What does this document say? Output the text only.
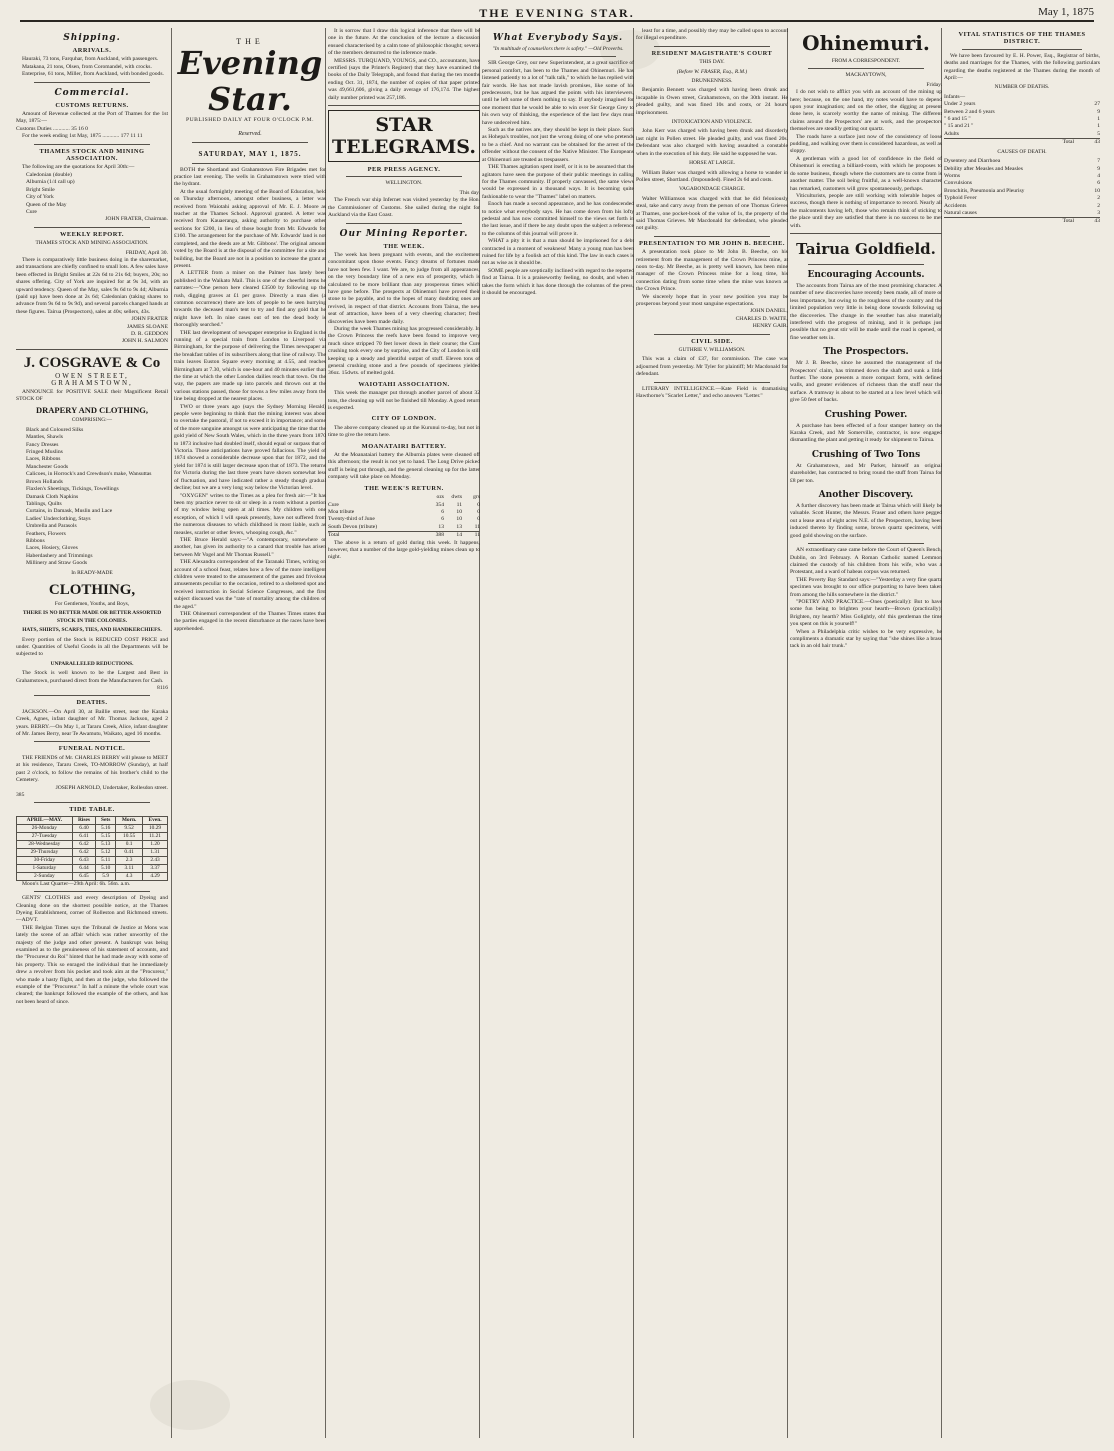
THE EVENING STAR.	May 1, 1875
Shipping.
ARRIVALS.

Hauraki, 73 tons, Farquhar, from Auckland, with passengers.

Matakana, 21 tons, Olsen, from Coromandel, with crocks.

Enterprise, 61 tons, Miller, from Auckland, with bonded goods.

Commercial.
CUSTOMS RETURNS.

Amount of Revenue collected at the Port of Thames for the 1st May, 1875:—

Customs Duties ............ 35 16 0

For the week ending 1st May, 1875 ............ 177 11 11

THAMES STOCK AND MINING ASSOCIATION.

The following are the quotations for April 30th:—

Caledonian (double)
Alburnia (1/4 call up)
Bright Smile
City of York
Queen of the May
Cure

JOHN FRATER, Chairman.

WEEKLY REPORT.
THAMES STOCK AND MINING ASSOCIATION.

FRIDAY, April 30.

There is comparatively little business doing in the sharemarket, and transactions are chiefly confined to small lots. A few sales have been effected in Bright Smiles at 22s 6d to 21s 6d; buyers, 20s; no shares offering. City of York are inquired for at 9s 3d, with an upward tendency. Queen of the May, sales 9s 6d to 9s 4d; Alburnia (paid up) have been done at 2s 6d; Caledonian (taking shares to advance from 9s 6d to 9s 9d), and several parcels changed hands at these figures. Tairua (Prospectors), sales at 40s; sellers, 43s.

JOHN FRATER
JAMES SLOANE
D. R. GEDDON
JOHN H. SALMON
J. COSGRAVE & Co
OWEN STREET, GRAHAMSTOWN,

ANNOUNCE for POSITIVE SALE their Magnificent Retail STOCK OF

DRAPERY AND CLOTHING,
COMPRISING:—
Black and Coloured Silks
Mantles, Shawls
Fancy Dresses
Fringed Muslins
Laces, Ribbons
Manchester Goods
Calicoes, in Horrock's and Crewdson's make, Wansuttas
Brown Hollands
Flaxlen's Sheetings, Tickings, Towellings
Damask Cloth Napkins
Tablings, Quilts
Curtains, in Damask, Muslin and Lace
Ladies' Underclothing, Stays
Umbrella and Parasols
Feathers, Flowers
Ribbons
Laces, Hosiery, Gloves
Haberdashery and Trimmings
Millinery and Straw Goods
In READY-MADE
CLOTHING,
For Gentlemen, Youths, and Boys,
THERE IS NO BETTER MADE OR BETTER ASSORTED STOCK IN THE COLONIES.
HATS, SHIRTS, SCARFS, TIES, AND HANDKERCHIEFS.

Every portion of the Stock is REDUCED COST PRICE and under. Quantities of Useful Goods in all the Departments will be subjected to

UNPARALLELED REDUCTIONS.

The Stock is well known to be the Largest and Best in Grahamstown, purchased direct from the Manufacturers for Cash.

8116

DEATHS.

JACKSON.—On April 30, at Baillie street, near the Karaka Creek, Agnes, infant daughter of Mr. Thomas Jackson, aged 2 years. BERRY.—On May 1, at Tararu Creek, Alice, infant daughter of Mr. James Berry, near Te Awamutu, Waikato, aged 16 months.

FUNERAL NOTICE.

THE FRIENDS of Mr. CHARLES BERRY will please to MEET at his residence, Tararu Creek, TO-MORROW (Sunday), at half past 2 o'clock, to follow the remains of his brother's child to the Cemetery.

JOSEPH ARNOLD, Undertaker, Rollesdon street.

385

TIDE TABLE.
APRIL—MAY.	Rises	Sets	Morn.	Even.
26-Monday	6.40	5.16	9.52	10.29
27-Tuesday	6.41	5.15	10.55	11.21
28-Wednesday	6.42	5.13	0.1	1.20
29-Thursday	6.42	5.12	0.41	1.31
30-Friday	6.43	5.11	2.3	2.43
1-Saturday	6.44	5.10	3.11	3.37
2-Sunday	6.45	5.9	4.3	4.29

Moon's Last Quarter—29th April: 6h. 56m. a.m.

GENTS' CLOTHES and every description of Dyeing and Cleaning done on the shortest possible notice, at the Thames Dyeing Establishment, corner of Rolleston and Richmond streets.—ADVT.

THE Belgian Times says the Tribunal de Justice at Mons was lately the scene of an affair which was rather unworthy of the majesty of the judge and other present. A bankrupt was being examined as to the genuineness of his statement of accounts, and the "Procureur du Roi" hinted that he had made away with some of his property. This so enraged the individual that he immediately drew a revolver from his pocket and took aim at the "Procureur," who made a hasty flight, and then at the judge, who followed the example of the "Procureur." In half a minute the whole court was cleared; the bankrupt followed the example of the others, and has not been heard of since.

THE
Evening Star.
PUBLISHED DAILY AT FOUR O'CLOCK P.M.
Reserved.
SATURDAY, MAY 1, 1875.

BOTH the Shortland and Grahamstown Fire Brigades met for practice last evening. The wells in Grahamstown were tried with the hydrant.

At the usual fortnightly meeting of the Board of Education, held on Thursday afternoon, amongst other business, a letter was received from Waiotahi asking approval of Mr. E. J. Moore as teacher at the Thames School. Approval granted. A letter was received from Kauaeranga, asking authority to purchase other sections for £200, in lieu of those bought from Mr. Edwards for £160. The arrangement for the purchase of Mr. Edwards' land is not completed, and the deeds are at Mr. Gibbons'. The original amount voted by the Board is at the disposal of the committee for a site and building, but the Board are not in a position to increase the grant at present.

A LETTER from a miner on the Palmer has lately been published in the Waikato Mail. This is one of the cheerful items he narrates:—"One person here cleared £3500 by following up the rush, digging graves at £1 per grave. Directly a man dies (a common occurrence) there are lots of people to be seen hurrying towards the deceased man's tent to try and find any gold that he might have left. In nine cases out of ten the dead body is thoroughly searched."

THE last development of newspaper enterprise in England is the running of a special train from London to Liverpool via Birmingham, for the purpose of delivering the Times newspaper at the breakfast tables of its subscribers along that line of railway. The train leaves Euston Square every morning at 4.55, and reaches Birmingham at 7.30, which is one-hour and 40 minutes earlier than the time at which the other London dailies reach that town. On the way, the papers are made up into parcels and thrown out at the various stations passed, those for towns a few miles away from the line being dropped at the nearest places.

TWO or three years ago (says the Sydney Morning Herald) people were beginning to think that the mining interest was about to overtake the pastoral, if not to exceed it in importance; and some of the more sanguine amongst us were anticipating the time that the gold yield of New South Wales, which in the three years from 1870 to 1873 inclusive had doubled itself, should equal or surpass that of Victoria. Those anticipations have proved fallacious. The yield of 1874 showed a considerable decrease upon that for 1872, and the yield for 1874 is still larger decrease upon that of 1873. The returns for Victoria during the last three years have shown somewhat less of fluctuation, and have indicated rather a steady though gradual decline; but we are a very long way below the Victorian level.

"OXYGEN" writes to the Times as a plea for fresh air:—"It has been my practice never to sit or sleep in a room without a portion of my window being open at all times. My children with one exception, of which I will speak presently, have not suffered from the numerous diseases to which childhood is most liable, such as measles, scarlet or other fevers, whooping cough, &c."

THE Bruce Herald says:—"A contemporary, somewhere or another, has given its authority to a canard that trouble has arisen between Mr Vogel and Mr Thomas Russell."

THE Alexandra correspondent of the Taranaki Times, writing on account of a school feast, relates how a few of the more intelligent children were treated to the amusement of the games and frivolous amusements peculiar to the occasion, retired to a sheltered spot and received instruction in Social Science Congresses, and the first subject discussed was the "rate of mortality among the children of the aged."

THE Ohinemuri correspondent of the Thames Times states that the parties engaged in the recent disturbance at the races have been apprehended.

It is sorrow that I draw this logical inference that there will be one in the future. At the conclusion of the lecture a discussion ensued characterised by a calm tone of philosophic thought; several of the members demurred to the inference made.

MESSRS. TURQUAND, YOUNGS, and CO., accountants, have certified (says the Printer's Register) that they have examined the books of the Daily Telegraph, and found that during the ten months ending Oct. 31, 1874, the number of copies of that paper printed was 49,661,606, giving a daily average of 176,174. The highest daily number printed was 257,186.

STAR TELEGRAMS.
PER PRESS AGENCY.
WELLINGTON.

This day.

The French war ship Infernet was visited yesterday by the Hon. the Commissioner of Customs. She sailed during the night for Auckland via the East Coast.

Our Mining Reporter.
THE WEEK.

The week has been pregnant with events, and the excitement concomitant upon those events. Fancy dreams of fortunes made have not been few. I want. We are, to judge from all appearances, on the very boundary line of a new era of prosperity, which is calculated to be more brilliant than any prosperous times which have gone before. The prospects at Ohinemuri have proved their stone to be payable, and to the hopes of many doubting ones are revived, in respect of that district. Accounts from Tairua, the new seat of attraction, have been of a very cheering character; fresh discoveries have been made daily.

During the week Thames mining has progressed considerably. In the Crown Princess the reefs have been found to improve very much since stripped 70 feet lower down in their course; the Cure crushing took every one by surprise, and the City of London is still keeping up a steady and plentiful output of stuff. Eleven tons of general crushing stone and a few pounds of specimens yielded 36oz. 15dwts. of melted gold.

WAIOTAHI ASSOCIATION.

This week the manager put through another parcel of about 32 tons, the cleaning up will not be finished till Monday. A good return is expected.

CITY OF LONDON.

The above company cleaned up at the Kurunui to-day, but not in time to give the return here.

MOANATAIRI BATTERY.

At the Moanataiari battery the Alburnia plates were cleaned off this afternoon; the result is not yet to hand. The Long Drive picked stuff is being put through, and the general cleaning up for the latter company will take place on Monday.

THE WEEK'S RETURN.
	ozs	dwts	grs
Cure	354	11	0
Moa tribute	6	10	0
Twenty-third of June	6	10	0
South Devon (tribute)	13	13	11
Total	388	14	11

The above is a return of gold during this week. It happens, however, that a number of the large gold-yielding mines clean up to night.

What Everybody Says.
"In multitude of counsellors there is safety." —Old Proverbs.

SIR George Grey, our new Superintendent, at a great sacrifice of personal comfort, has been to the Thames and Ohinemuri. He has listened patiently to a lot of "talk talk," to which he has replied with fair words. He has not made lavish promises, like some of his predecessors, but he has argued the points with his interviewers, until he left some of them nothing to say. If anybody imagined for one moment that he would be able to win over Sir George Grey to his own way of thinking, the experience of the last few days must have undeceived him.

Such as the natives are, they should be kept in their place. Such as Hohepa's troubles, not just the wrong doing of one who pretends to be a chief. And no warrant can be obtained for the arrest of the offender without the consent of the Native Minister. The Europeans at Ohinemuri are treated as trespassers.

THE Thames agitation spent itself, or it is to be assumed that the agitators have seen the purpose of their public meetings in calling for the Thames community. If properly canvassed, the same views would be expressed in a thousand ways. It is becoming quite fashionable to wear the "Thames" label on matters.

Enoch has made a second appearance, and he has condescended to notice what everybody says. He has come down from his lofty pedestal and has now committed himself to the views set forth in the last issue, and if there be any doubt upon the subject a reference to the columns of this journal will prove it.

WHAT a pity it is that a man should be imprisoned for a debt contracted in a moment of weakness! Many a young man has been ruined for life by a foolish act of this kind. The law in such cases is not as wise as it should be.

SOME people are sceptically inclined with regard to the reported find at Tairua. It is a praiseworthy feeling, no doubt, and when it takes the form which it has done through the columns of the press, it should be encouraged.

least for a time, and possibly they may be called upon to account for illegal expenditure.

RESIDENT MAGISTRATE'S COURT
THIS DAY.
(Before W. FRASER, Esq., R.M.)
DRUNKENNESS.

Benjamin Bennett was charged with having been drunk and incapable in Owen street, Grahamstown, on the 30th instant. He pleaded guilty, and was fined 10s and costs, or 24 hours' imprisonment.

INTOXICATION AND VIOLENCE.

John Kerr was charged with having been drunk and disorderly last night in Pollen street. He pleaded guilty, and was fined 20s. Defendant was also charged with having assaulted a constable when in the execution of his duty. He said he supposed he was.

HORSE AT LARGE.

William Baker was charged with allowing a horse to wander in Pollen street, Shortland. (Impounded). Fined 2s 6d and costs.

VAGABONDAGE CHARGE.

Walter Williamson was charged with that he did feloniously steal, take and carry away from the person of one Thomas Grieves at Thames, one pocket-book of the value of 1s, the property of the said Thomas Grieves. Mr Macdonald for defendant, who pleaded not guilty.

PRESENTATION TO MR JOHN B. BEECHE.

A presentation took place to Mr John B. Beeche, on his retirement from the management of the Crown Princess mine, at noon to-day. Mr Beeche, as is pretty well known, has been mine manager of the Crown Princess mine for a long time, his connection dating from some time when the mine was known as the Crown Prince.

We sincerely hope that in your new position you may be prosperous beyond your most sanguine expectations.

JOHN DANIEL,
CHARLES D. WAITE,
HENRY GAIR.
CIVIL SIDE.
GUTHRIE V. WILLIAMSON.

This was a claim of £37, for commission. The case was adjourned from yesterday. Mr Tyler for plaintiff; Mr Macdonald for defendant.

LITERARY INTELLIGENCE.—Kate Field is dramatising Hawthorne's "Scarlet Letter," and echo answers "Letter."

Ohinemuri.
FROM A CORRESPONDENT.
MACKAYTOWN,

Friday.

I do not wish to afflict you with an account of the mining up here; because, on the one hand, my notes would have to depend upon your imagination; and on the other, the digging at present done here, is scarcely worthy the name of mining. The different claims around the Prospectors' are at work, and the prospectors themselves are steadily getting out quartz.

The roads have a surface just now of the consistency of loose pudding, and walking over them is considered hazardous, as well as sloppy.

A gentleman with a good lot of confidence in the field of Ohinemuri is erecting a billiard-room, with which he proposes to do some business, though where the customers are to come from is another matter. The soil being fruitful, as a well-known character has remarked, customers will grow spontaneously, perhaps.

Viticulturists, people are still working with tolerable hopes of success, though there is nothing of importance to record. Nearly all the malcontents having left, those who remain think of sticking to the place until they are satisfied that there is no success to be met with.

Tairua Goldfield.
Encouraging Accounts.

The accounts from Tairua are of the most promising character. A number of new discoveries have recently been made, all of more or less importance, but owing to the roughness of the country and the limited population very little is being done towards following up the discoveries. The change in the weather has also materially interfered with the progress of mining, and it is perhaps just possible that no great stir will be made until the road is opened, or fine weather sets in.

The Prospectors.

Mr J. B. Beeche, since he assumed the management of the Prospectors' claim, has trimmed down the shaft and sunk a little further. The stone presents a more compact form, with defined walls, and greater evidences of richness than the stuff near the surface. A tramway is about to be started at a low level which will give 50 feet of backs.

Crushing Power.

A purchase has been effected of a four stamper battery on the Karaka Creek, and Mr Somerville, contractor, is now engaged dismantling the plant and getting it ready for shipment to Tairua.

Crushing of Two Tons

At Grahamstown, and Mr Parker, himself an original shareholder, has contracted to bring round the stuff from Tairua for £8 per ton.

Another Discovery.

A further discovery has been made at Tairua which will likely be valuable. Scott Hunter, the Messrs. Fraser and others have pegged out a lease area of eight acres N.E. of the Prospectors, having been induced thereto by finding some, brown quartz specimens, with good gold showing on the surface.

AN extraordinary case came before the Court of Queen's Bench, Dublin, on 3rd February. A Roman Catholic named Lemmon claimed the custody of his children from his wife, who was a Protestant, and a ward of habeas corpus was returned.

THE Poverty Bay Standard says:—"Yesterday a very fine quartz specimen was brought to our office purporting to have been taken from among the hills somewhere in the district."

"POETRY AND PRACTICE.—Ones (poetically): But to have some fun being to brighten your hearth—Brown (practically): Brighten, my hearth? Miss Golightly, oh! this gentleman the time you spent on this is yourself!"

When a Philadelphia critic wishes to be very expressive, he compliments a dramatic star by saying that "she shines like a brass tack in an old hair trunk."

VITAL STATISTICS OF THE THAMES DISTRICT.

We have been favoured by E. H. Power, Esq., Registrar of births, deaths and marriages for the Thames, with the following particulars regarding the deaths registered at the Thames during the month of April:—

NUMBER OF DEATHS.

Infants—

Under 2 years	27
Between 2 and 6 years	9
" 6 and 15 "	1
" 15 and 21 "	1
Adults	5
Total	43
CAUSES OF DEATH.
Dysentery and Diarrhoea	7
Debility after Measles and Measles	9
Worms	4
Convulsions	6
Bronchitis, Pneumonia and Pleurisy	10
Typhoid Fever	2
Accidents	2
Natural causes	3
Total	43
